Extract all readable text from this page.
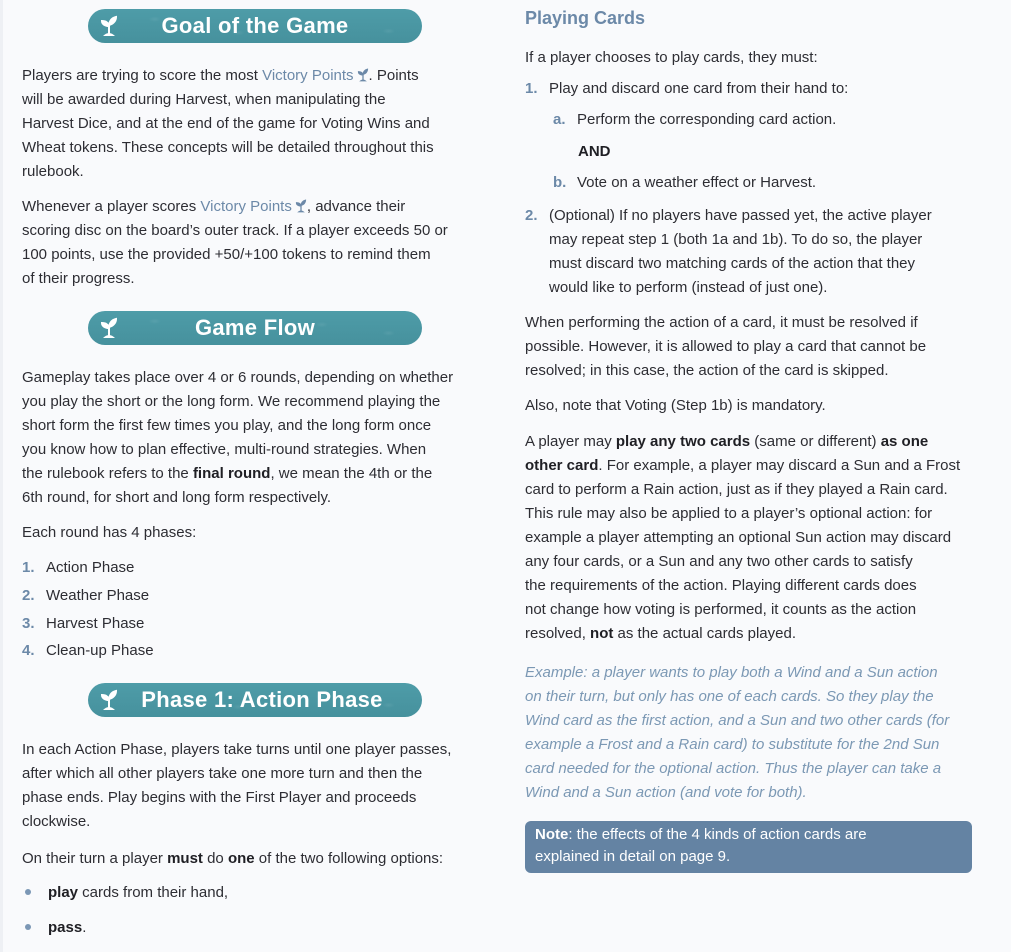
Goal of the Game

Players are trying to score the most Victory Points . Points

will be awarded during Harvest, when manipulating the

Harvest Dice, and at the end of the game for Voting Wins and

Wheat tokens. These concepts will be detailed throughout this

rulebook.

Whenever a player scores Victory Points , advance their

scoring disc on the board’s outer track. If a player exceeds 50 or

100 points, use the provided +50/+100 tokens to remind them

of their progress.

Game Flow

Gameplay takes place over 4 or 6 rounds, depending on whether

you play the short or the long form. We recommend playing the

short form the first few times you play, and the long form once

you know how to plan effective, multi-round strategies. When

the rulebook refers to the final round, we mean the 4th or the

6th round, for short and long form respectively.

Each round has 4 phases:

1. Action Phase
2. Weather Phase
3. Harvest Phase
4. Clean-up Phase
Phase 1: Action Phase

In each Action Phase, players take turns until one player passes,

after which all other players take one more turn and then the

phase ends. Play begins with the First Player and proceeds

clockwise.

On their turn a player must do one of the two following options:

play cards from their hand,
pass.
Playing Cards

If a player chooses to play cards, they must:

1. Play and discard one card from their hand to:
a. Perform the corresponding card action.
AND
b. Vote on a weather effect or Harvest.
2. (Optional) If no players have passed yet, the active player

may repeat step 1 (both 1a and 1b). To do so, the player

must discard two matching cards of the action that they

would like to perform (instead of just one).

When performing the action of a card, it must be resolved if

possible. However, it is allowed to play a card that cannot be

resolved; in this case, the action of the card is skipped.

Also, note that Voting (Step 1b) is mandatory.

A player may play any two cards (same or different) as one

other card. For example, a player may discard a Sun and a Frost

card to perform a Rain action, just as if they played a Rain card.

This rule may also be applied to a player’s optional action: for

example a player attempting an optional Sun action may discard

any four cards, or a Sun and any two other cards to satisfy

the requirements of the action. Playing different cards does

not change how voting is performed, it counts as the action

resolved, not as the actual cards played.

Example: a player wants to play both a Wind and a Sun action

on their turn, but only has one of each cards. So they play the

Wind card as the first action, and a Sun and two other cards (for

example a Frost and a Rain card) to substitute for the 2nd Sun

card needed for the optional action. Thus the player can take a

Wind and a Sun action (and vote for both).

Note: the effects of the 4 kinds of action cards are
explained in detail on page 9.
